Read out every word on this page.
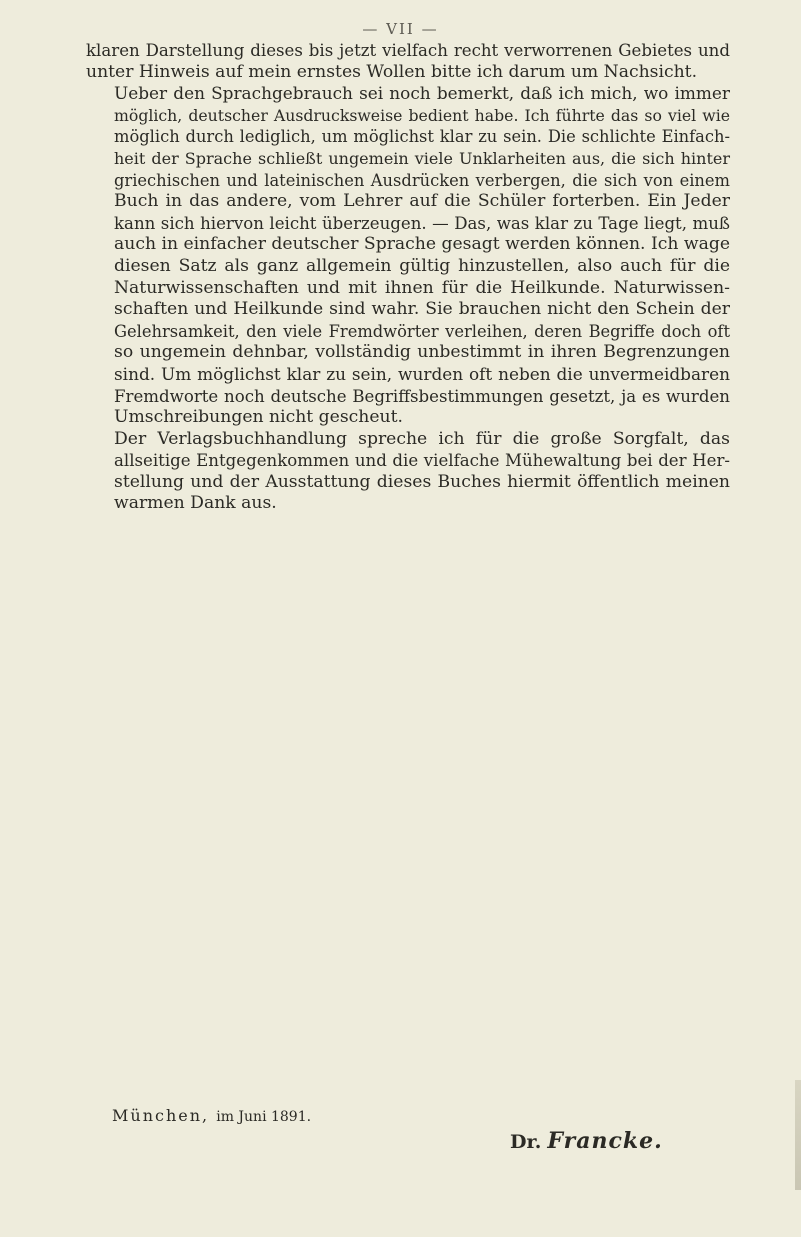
— VII —

klaren Darstellung dieses bis jetzt vielfach recht verworrenen Gebietes und
unter Hinweis auf mein ernstes Wollen bitte ich darum um Nachsicht.

Ueber den Sprachgebrauch sei noch bemerkt, daß ich mich, wo immer
möglich, deutscher Ausdrucksweise bedient habe. Ich führte das so viel wie
möglich durch lediglich, um möglichst klar zu sein. Die schlichte Einfach-
heit der Sprache schließt ungemein viele Unklarheiten aus, die sich hinter
griechischen und lateinischen Ausdrücken verbergen, die sich von einem
Buch in das andere, vom Lehrer auf die Schüler forterben. Ein Jeder
kann sich hiervon leicht überzeugen. — Das, was klar zu Tage liegt, muß
auch in einfacher deutscher Sprache gesagt werden können. Ich wage
diesen Satz als ganz allgemein gültig hinzustellen, also auch für die
Naturwissenschaften und mit ihnen für die Heilkunde. Naturwissen-
schaften und Heilkunde sind wahr. Sie brauchen nicht den Schein der
Gelehrsamkeit, den viele Fremdwörter verleihen, deren Begriffe doch oft
so ungemein dehnbar, vollständig unbestimmt in ihren Begrenzungen
sind. Um möglichst klar zu sein, wurden oft neben die unvermeidbaren
Fremdworte noch deutsche Begriffsbestimmungen gesetzt, ja es wurden
Umschreibungen nicht gescheut.

Der Verlagsbuchhandlung spreche ich für die große Sorgfalt, das
allseitige Entgegenkommen und die vielfache Mühewaltung bei der Her-
stellung und der Ausstattung dieses Buches hiermit öffentlich meinen
warmen Dank aus.

München, im Juni 1891.
Dr. Francke.
